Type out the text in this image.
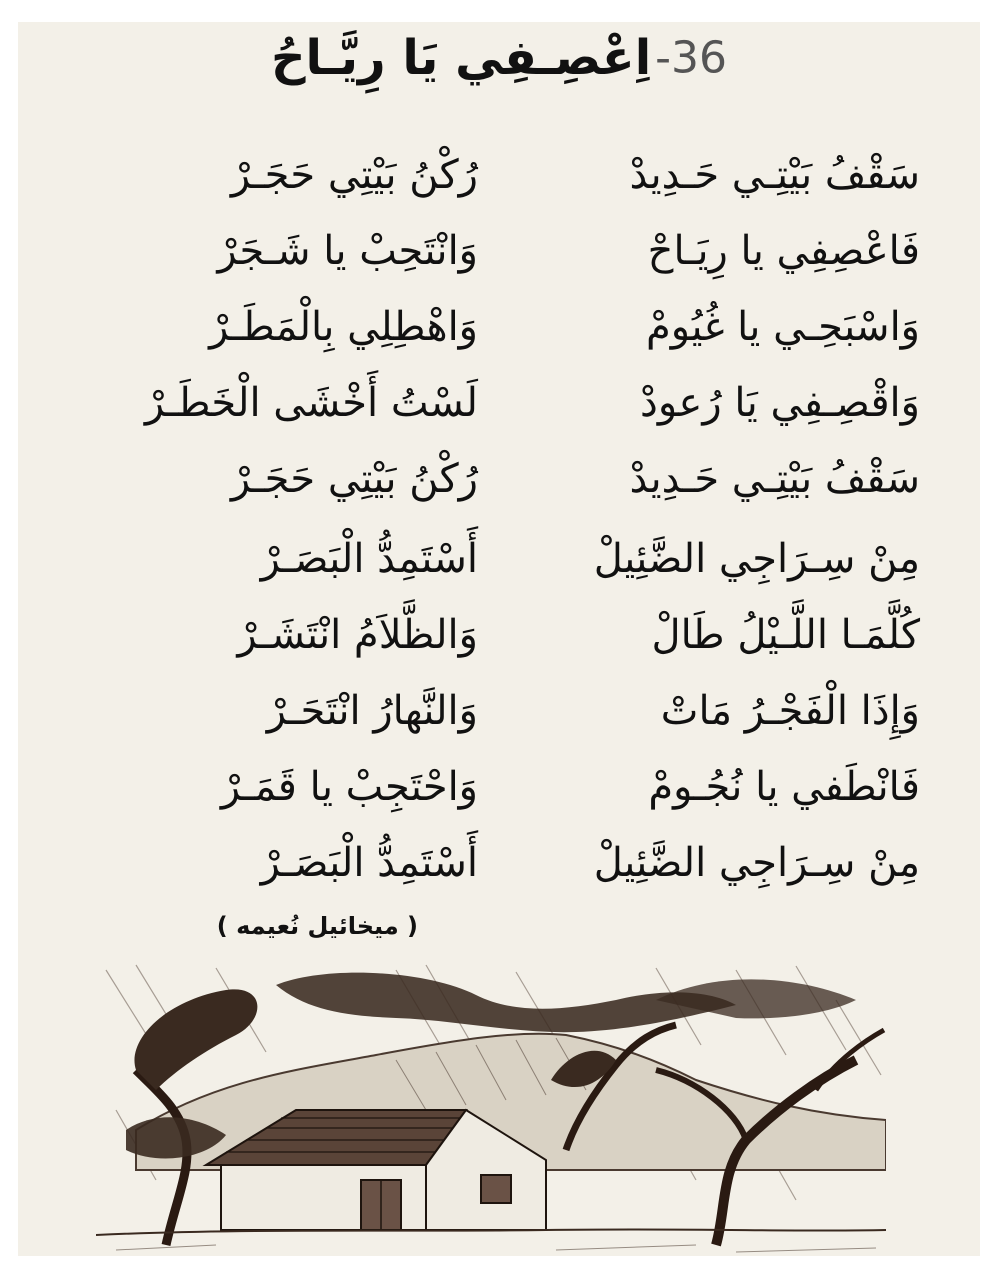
36-اِعْصِـفِي يَا رِيَّـاحُ
سَقْفُ بَيْتِـي حَـدِيدْ
رُكْنُ بَيْتِي حَجَـرْ
فَاعْصِفِي يا رِيَـاحْ
وَانْتَحِبْ يا شَـجَرْ
وَاسْبَحِـي يا غُيُومْ
وَاهْطِلِي بِالْمَطَـرْ
وَاقْصِـفِي يَا رُعودْ
لَسْتُ أَخْشَى الْخَطَـرْ
سَقْفُ بَيْتِـي حَـدِيدْ
رُكْنُ بَيْتِي حَجَـرْ
مِنْ سِـرَاجِي الضَّئِيلْ
أَسْتَمِدُّ الْبَصَـرْ
كُلَّمَـا اللَّـيْلُ طَالْ
وَالظَّلاَمُ انْتَشَـرْ
وَإِذَا الْفَجْـرُ مَاتْ
وَالنَّهارُ انْتَحَـرْ
فَانْطَفي يا نُجُـومْ
وَاحْتَجِبْ يا قَمَـرْ
مِنْ سِـرَاجِي الضَّئِيلْ
أَسْتَمِدُّ الْبَصَـرْ
( ميخائيل نُعيمه )
